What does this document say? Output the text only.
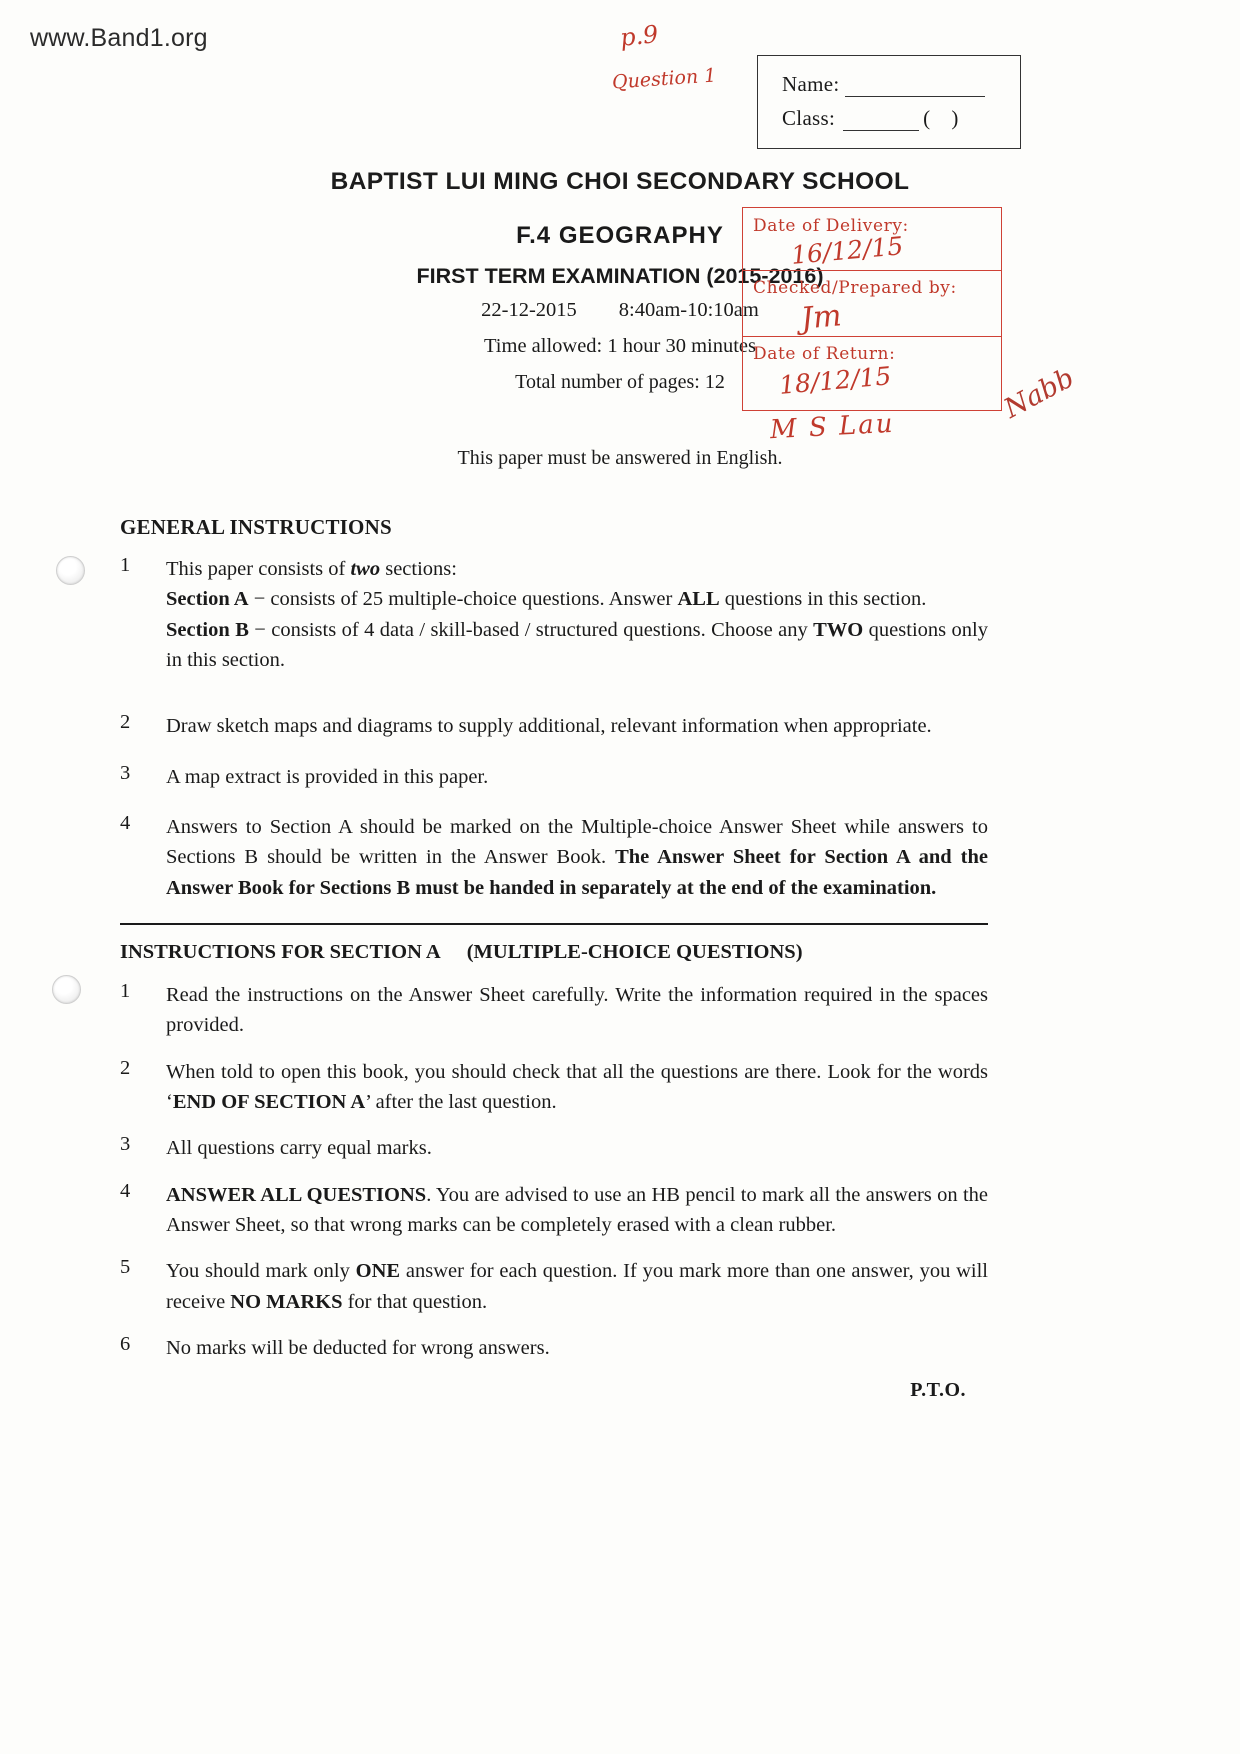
www.Band1.org	p.9
Question 1	Name:
Class:	( )
BAPTIST LUI MING CHOI SECONDARY SCHOOL
F.4 GEOGRAPHY
FIRST TERM EXAMINATION (2015-2016)
22-12-2015 8:40am-10:10am
Time allowed: 1 hour 30 minutes
Total number of pages: 12
This paper must be answered in English.
Date of Delivery:
16/12/15
Checked/Prepared by:
Jm
Date of Return:
18/12/15
M S Lau
Nabb
GENERAL INSTRUCTIONS
1	This paper consists of two sections:
Section A − consists of 25 multiple-choice questions. Answer ALL questions in this section.
Section B − consists of 4 data / skill-based / structured questions. Choose any TWO questions only in this section.
2	Draw sketch maps and diagrams to supply additional, relevant information when appropriate.
3	A map extract is provided in this paper.
4	Answers to Section A should be marked on the Multiple-choice Answer Sheet while answers to Sections B should be written in the Answer Book. The Answer Sheet for Section A and the Answer Book for Sections B must be handed in separately at the end of the examination.
INSTRUCTIONS FOR SECTION A (MULTIPLE-CHOICE QUESTIONS)
1	Read the instructions on the Answer Sheet carefully. Write the information required in the spaces provided.
2	When told to open this book, you should check that all the questions are there. Look for the words ‘END OF SECTION A’ after the last question.
3	All questions carry equal marks.
4	ANSWER ALL QUESTIONS. You are advised to use an HB pencil to mark all the answers on the Answer Sheet, so that wrong marks can be completely erased with a clean rubber.
5	You should mark only ONE answer for each question. If you mark more than one answer, you will receive NO MARKS for that question.
6	No marks will be deducted for wrong answers.
P.T.O.
